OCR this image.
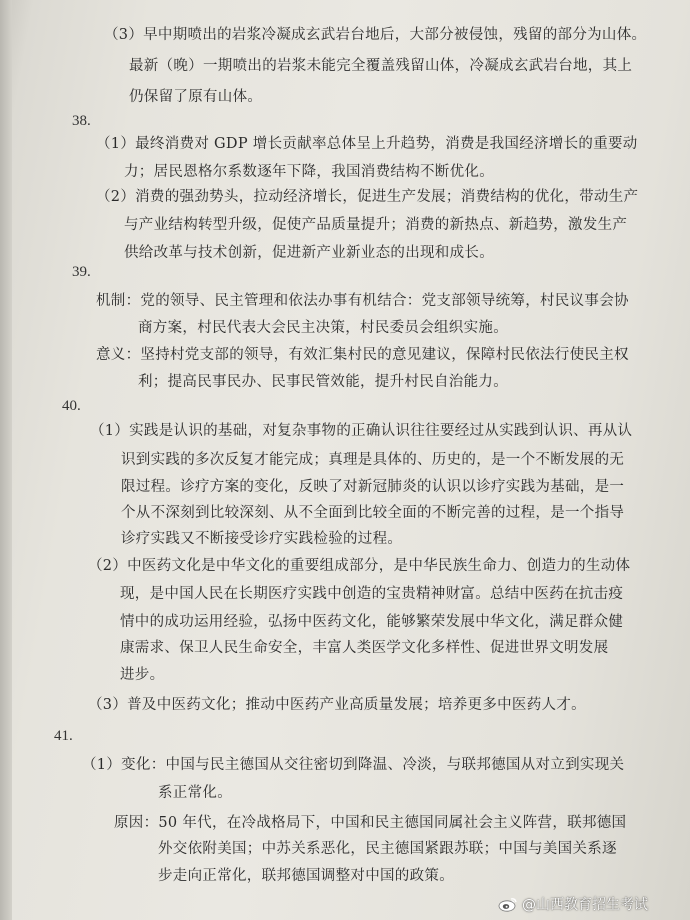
（3）早中期喷出的岩浆冷凝成玄武岩台地后，大部分被侵蚀，残留的部分为山体。
最新（晚）一期喷出的岩浆未能完全覆盖残留山体，冷凝成玄武岩台地，其上
仍保留了原有山体。
38.
（1）最终消费对 GDP 增长贡献率总体呈上升趋势，消费是我国经济增长的重要动
力；居民恩格尔系数逐年下降，我国消费结构不断优化。
（2）消费的强劲势头，拉动经济增长，促进生产发展；消费结构的优化，带动生产
与产业结构转型升级，促使产品质量提升；消费的新热点、新趋势，激发生产
供给改革与技术创新，促进新产业新业态的出现和成长。
39.
机制：党的领导、民主管理和依法办事有机结合：党支部领导统筹，村民议事会协
商方案，村民代表大会民主决策，村民委员会组织实施。
意义：坚持村党支部的领导，有效汇集村民的意见建议，保障村民依法行使民主权
利；提高民事民办、民事民管效能，提升村民自治能力。
40.
（1）实践是认识的基础，对复杂事物的正确认识往往要经过从实践到认识、再从认
识到实践的多次反复才能完成；真理是具体的、历史的，是一个不断发展的无
限过程。诊疗方案的变化，反映了对新冠肺炎的认识以诊疗实践为基础，是一
个从不深刻到比较深刻、从不全面到比较全面的不断完善的过程，是一个指导
诊疗实践又不断接受诊疗实践检验的过程。
（2）中医药文化是中华文化的重要组成部分，是中华民族生命力、创造力的生动体
现，是中国人民在长期医疗实践中创造的宝贵精神财富。总结中医药在抗击疫
情中的成功运用经验，弘扬中医药文化，能够繁荣发展中华文化，满足群众健
康需求、保卫人民生命安全，丰富人类医学文化多样性、促进世界文明发展
进步。
（3）普及中医药文化；推动中医药产业高质量发展；培养更多中医药人才。
41.
（1）变化：中国与民主德国从交往密切到降温、冷淡，与联邦德国从对立到实现关
系正常化。
原因：50 年代，在冷战格局下，中国和民主德国同属社会主义阵营，联邦德国
外交依附美国；中苏关系恶化，民主德国紧跟苏联；中国与美国关系逐
步走向正常化，联邦德国调整对中国的政策。
@山西教育招生考试
